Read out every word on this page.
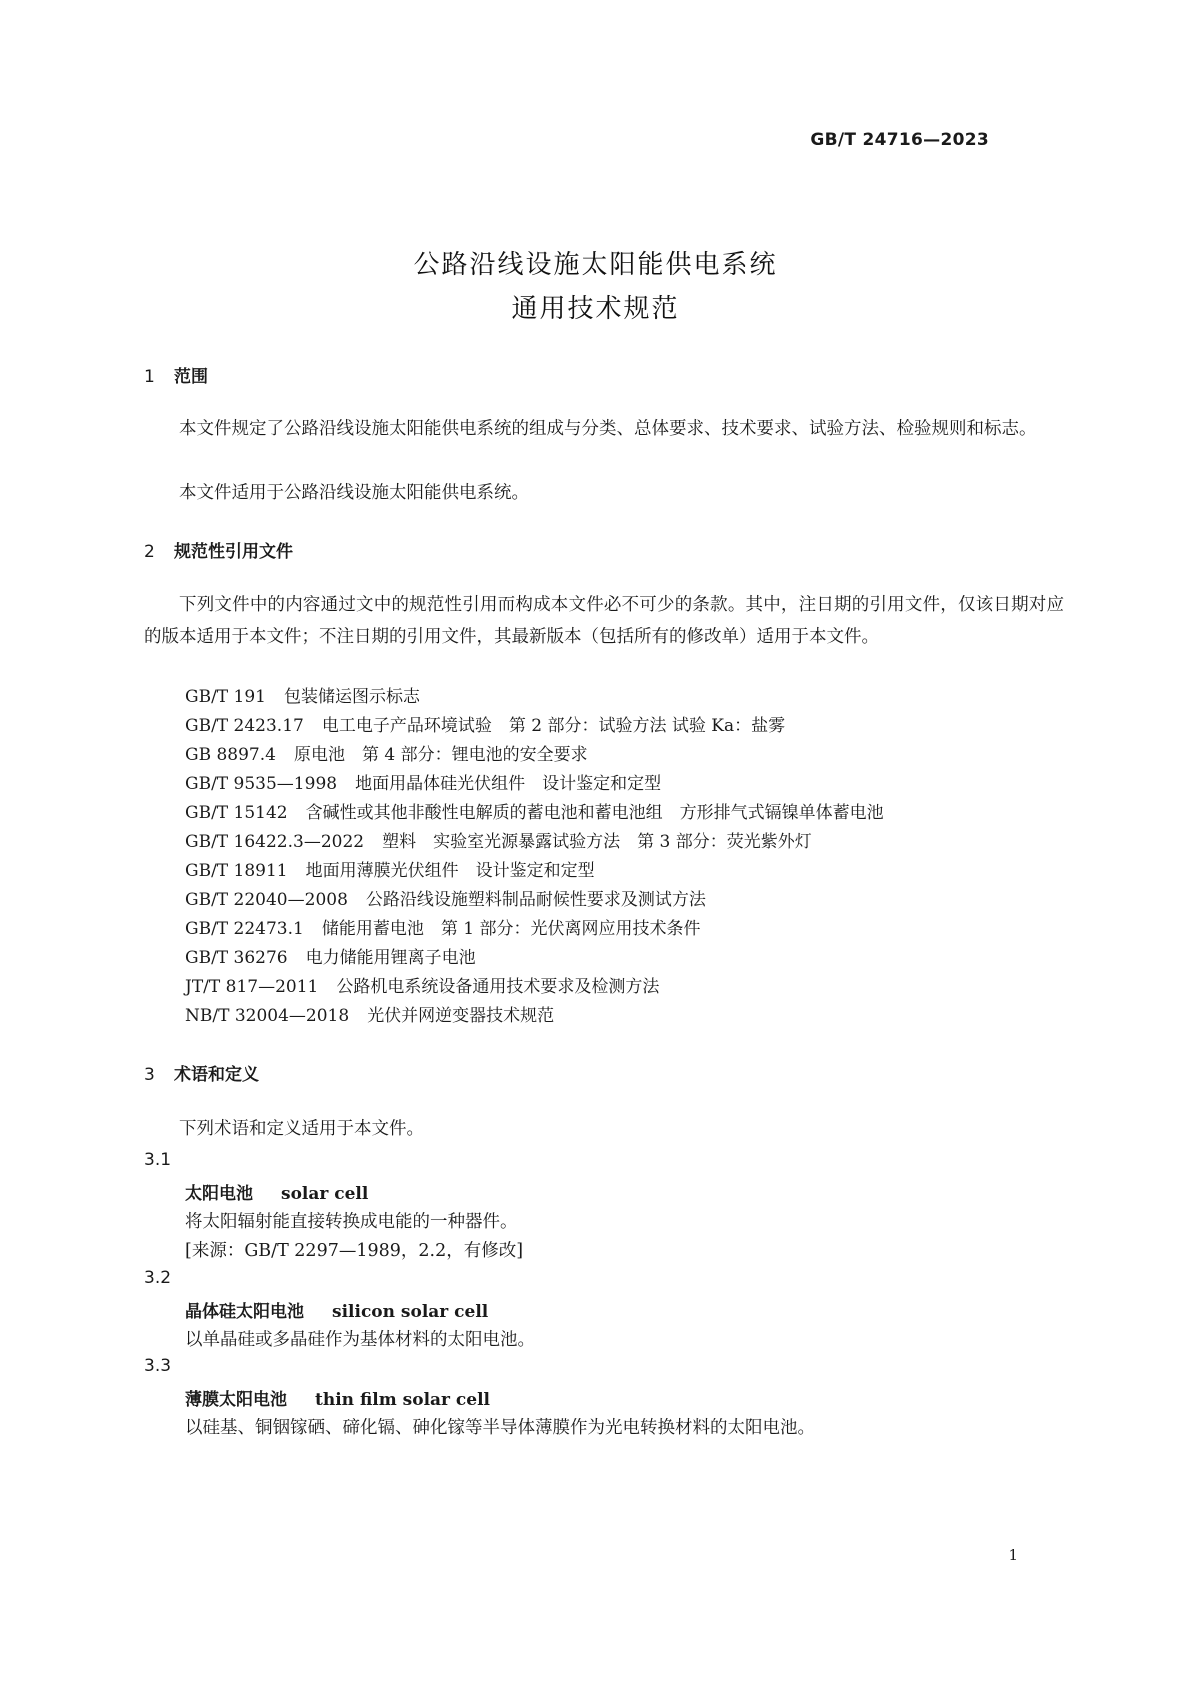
GB/T 24716—2023
公路沿线设施太阳能供电系统
通用技术规范
1 范围
本文件规定了公路沿线设施太阳能供电系统的组成与分类、总体要求、技术要求、试验方法、检验规则和标志。
本文件适用于公路沿线设施太阳能供电系统。
2 规范性引用文件
下列文件中的内容通过文中的规范性引用而构成本文件必不可少的条款。其中，注日期的引用文件，仅该日期对应的版本适用于本文件；不注日期的引用文件，其最新版本（包括所有的修改单）适用于本文件。
GB/T 191 包装储运图示标志
GB/T 2423.17 电工电子产品环境试验　第 2 部分：试验方法 试验 Ka：盐雾
GB 8897.4 原电池　第 4 部分：锂电池的安全要求
GB/T 9535—1998 地面用晶体硅光伏组件　设计鉴定和定型
GB/T 15142 含碱性或其他非酸性电解质的蓄电池和蓄电池组　方形排气式镉镍单体蓄电池
GB/T 16422.3—2022 塑料　实验室光源暴露试验方法　第 3 部分：荧光紫外灯
GB/T 18911 地面用薄膜光伏组件　设计鉴定和定型
GB/T 22040—2008 公路沿线设施塑料制品耐候性要求及测试方法
GB/T 22473.1 储能用蓄电池　第 1 部分：光伏离网应用技术条件
GB/T 36276 电力储能用锂离子电池
JT/T 817—2011 公路机电系统设备通用技术要求及检测方法
NB/T 32004—2018 光伏并网逆变器技术规范
3 术语和定义
下列术语和定义适用于本文件。
3.1
太阳电池 solar cell
将太阳辐射能直接转换成电能的一种器件。
[来源：GB/T 2297—1989，2.2，有修改]
3.2
晶体硅太阳电池 silicon solar cell
以单晶硅或多晶硅作为基体材料的太阳电池。
3.3
薄膜太阳电池 thin film solar cell
以硅基、铜铟镓硒、碲化镉、砷化镓等半导体薄膜作为光电转换材料的太阳电池。
1
